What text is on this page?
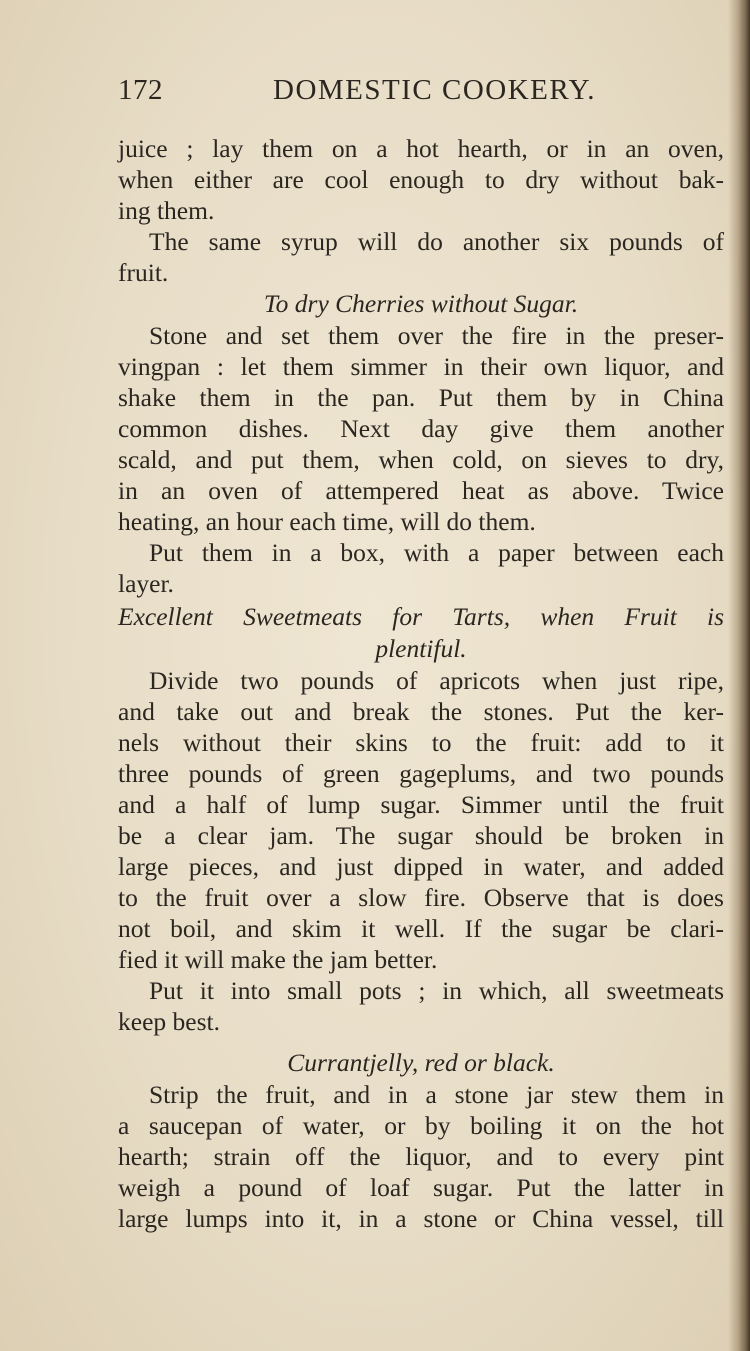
172	DOMESTIC COOKERY.
juice ; lay them on a hot hearth, or in an oven,
when either are cool enough to dry without bak-
ing them.
The same syrup will do another six pounds of
fruit.
To dry Cherries without Sugar.
Stone and set them over the fire in the preser-
vingpan : let them simmer in their own liquor, and
shake them in the pan. Put them by in China
common dishes. Next day give them another
scald, and put them, when cold, on sieves to dry,
in an oven of attempered heat as above. Twice
heating, an hour each time, will do them.
Put them in a box, with a paper between each
layer.
Excellent Sweetmeats for Tarts, when Fruit is
plentiful.
Divide two pounds of apricots when just ripe,
and take out and break the stones. Put the ker-
nels without their skins to the fruit: add to it
three pounds of green gageplums, and two pounds
and a half of lump sugar. Simmer until the fruit
be a clear jam. The sugar should be broken in
large pieces, and just dipped in water, and added
to the fruit over a slow fire. Observe that is does
not boil, and skim it well. If the sugar be clari-
fied it will make the jam better.
Put it into small pots ; in which, all sweetmeats
keep best.
Currantjelly, red or black.
Strip the fruit, and in a stone jar stew them in
a saucepan of water, or by boiling it on the hot
hearth; strain off the liquor, and to every pint
weigh a pound of loaf sugar. Put the latter in
large lumps into it, in a stone or China vessel, till
